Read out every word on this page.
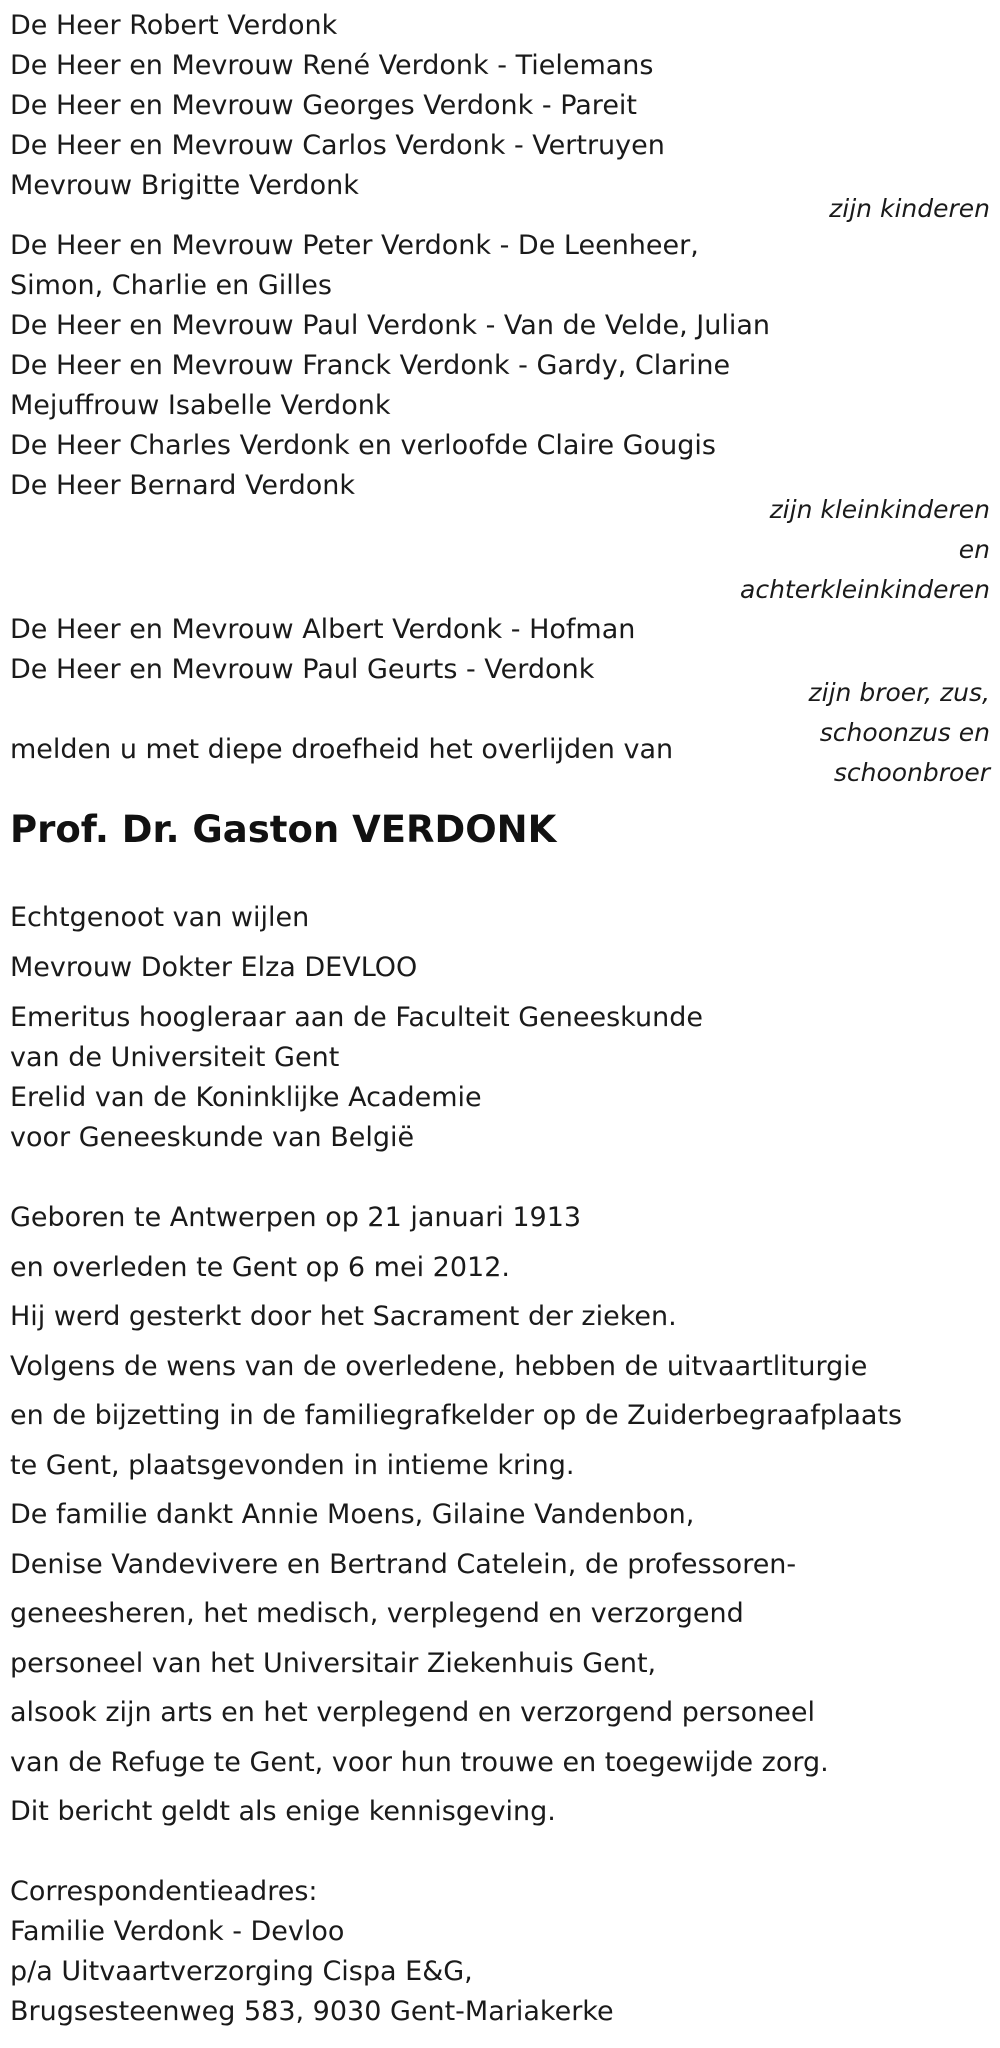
De Heer Robert Verdonk
De Heer en Mevrouw René Verdonk - Tielemans
De Heer en Mevrouw Georges Verdonk - Pareit
De Heer en Mevrouw Carlos Verdonk - Vertruyen
Mevrouw Brigitte Verdonk
zijn kinderen
De Heer en Mevrouw Peter Verdonk - De Leenheer,
Simon, Charlie en Gilles
De Heer en Mevrouw Paul Verdonk - Van de Velde, Julian
De Heer en Mevrouw Franck Verdonk - Gardy, Clarine
Mejuffrouw Isabelle Verdonk
De Heer Charles Verdonk en verloofde Claire Gougis
De Heer Bernard Verdonk
zijn kleinkinderen
en
achterkleinkinderen
De Heer en Mevrouw Albert Verdonk - Hofman
De Heer en Mevrouw Paul Geurts - Verdonk
zijn broer, zus,
schoonzus en
schoonbroer
melden u met diepe droefheid het overlijden van
Prof. Dr. Gaston VERDONK
Echtgenoot van wijlen
Mevrouw Dokter Elza DEVLOO
Emeritus hoogleraar aan de Faculteit Geneeskunde
van de Universiteit Gent
Erelid van de Koninklijke Academie
voor Geneeskunde van België
Geboren te Antwerpen op 21 januari 1913
en overleden te Gent op 6 mei 2012.
Hij werd gesterkt door het Sacrament der zieken.
Volgens de wens van de overledene, hebben de uitvaartliturgie
en de bijzetting in de familiegrafkelder op de Zuiderbegraafplaats
te Gent, plaatsgevonden in intieme kring.
De familie dankt Annie Moens, Gilaine Vandenbon,
Denise Vandevivere en Bertrand Catelein, de professoren-
geneesheren, het medisch, verplegend en verzorgend
personeel van het Universitair Ziekenhuis Gent,
alsook zijn arts en het verplegend en verzorgend personeel
van de Refuge te Gent, voor hun trouwe en toegewijde zorg.
Dit bericht geldt als enige kennisgeving.
Correspondentieadres:
Familie Verdonk - Devloo
p/a Uitvaartverzorging Cispa E&G,
Brugsesteenweg 583, 9030 Gent-Mariakerke
